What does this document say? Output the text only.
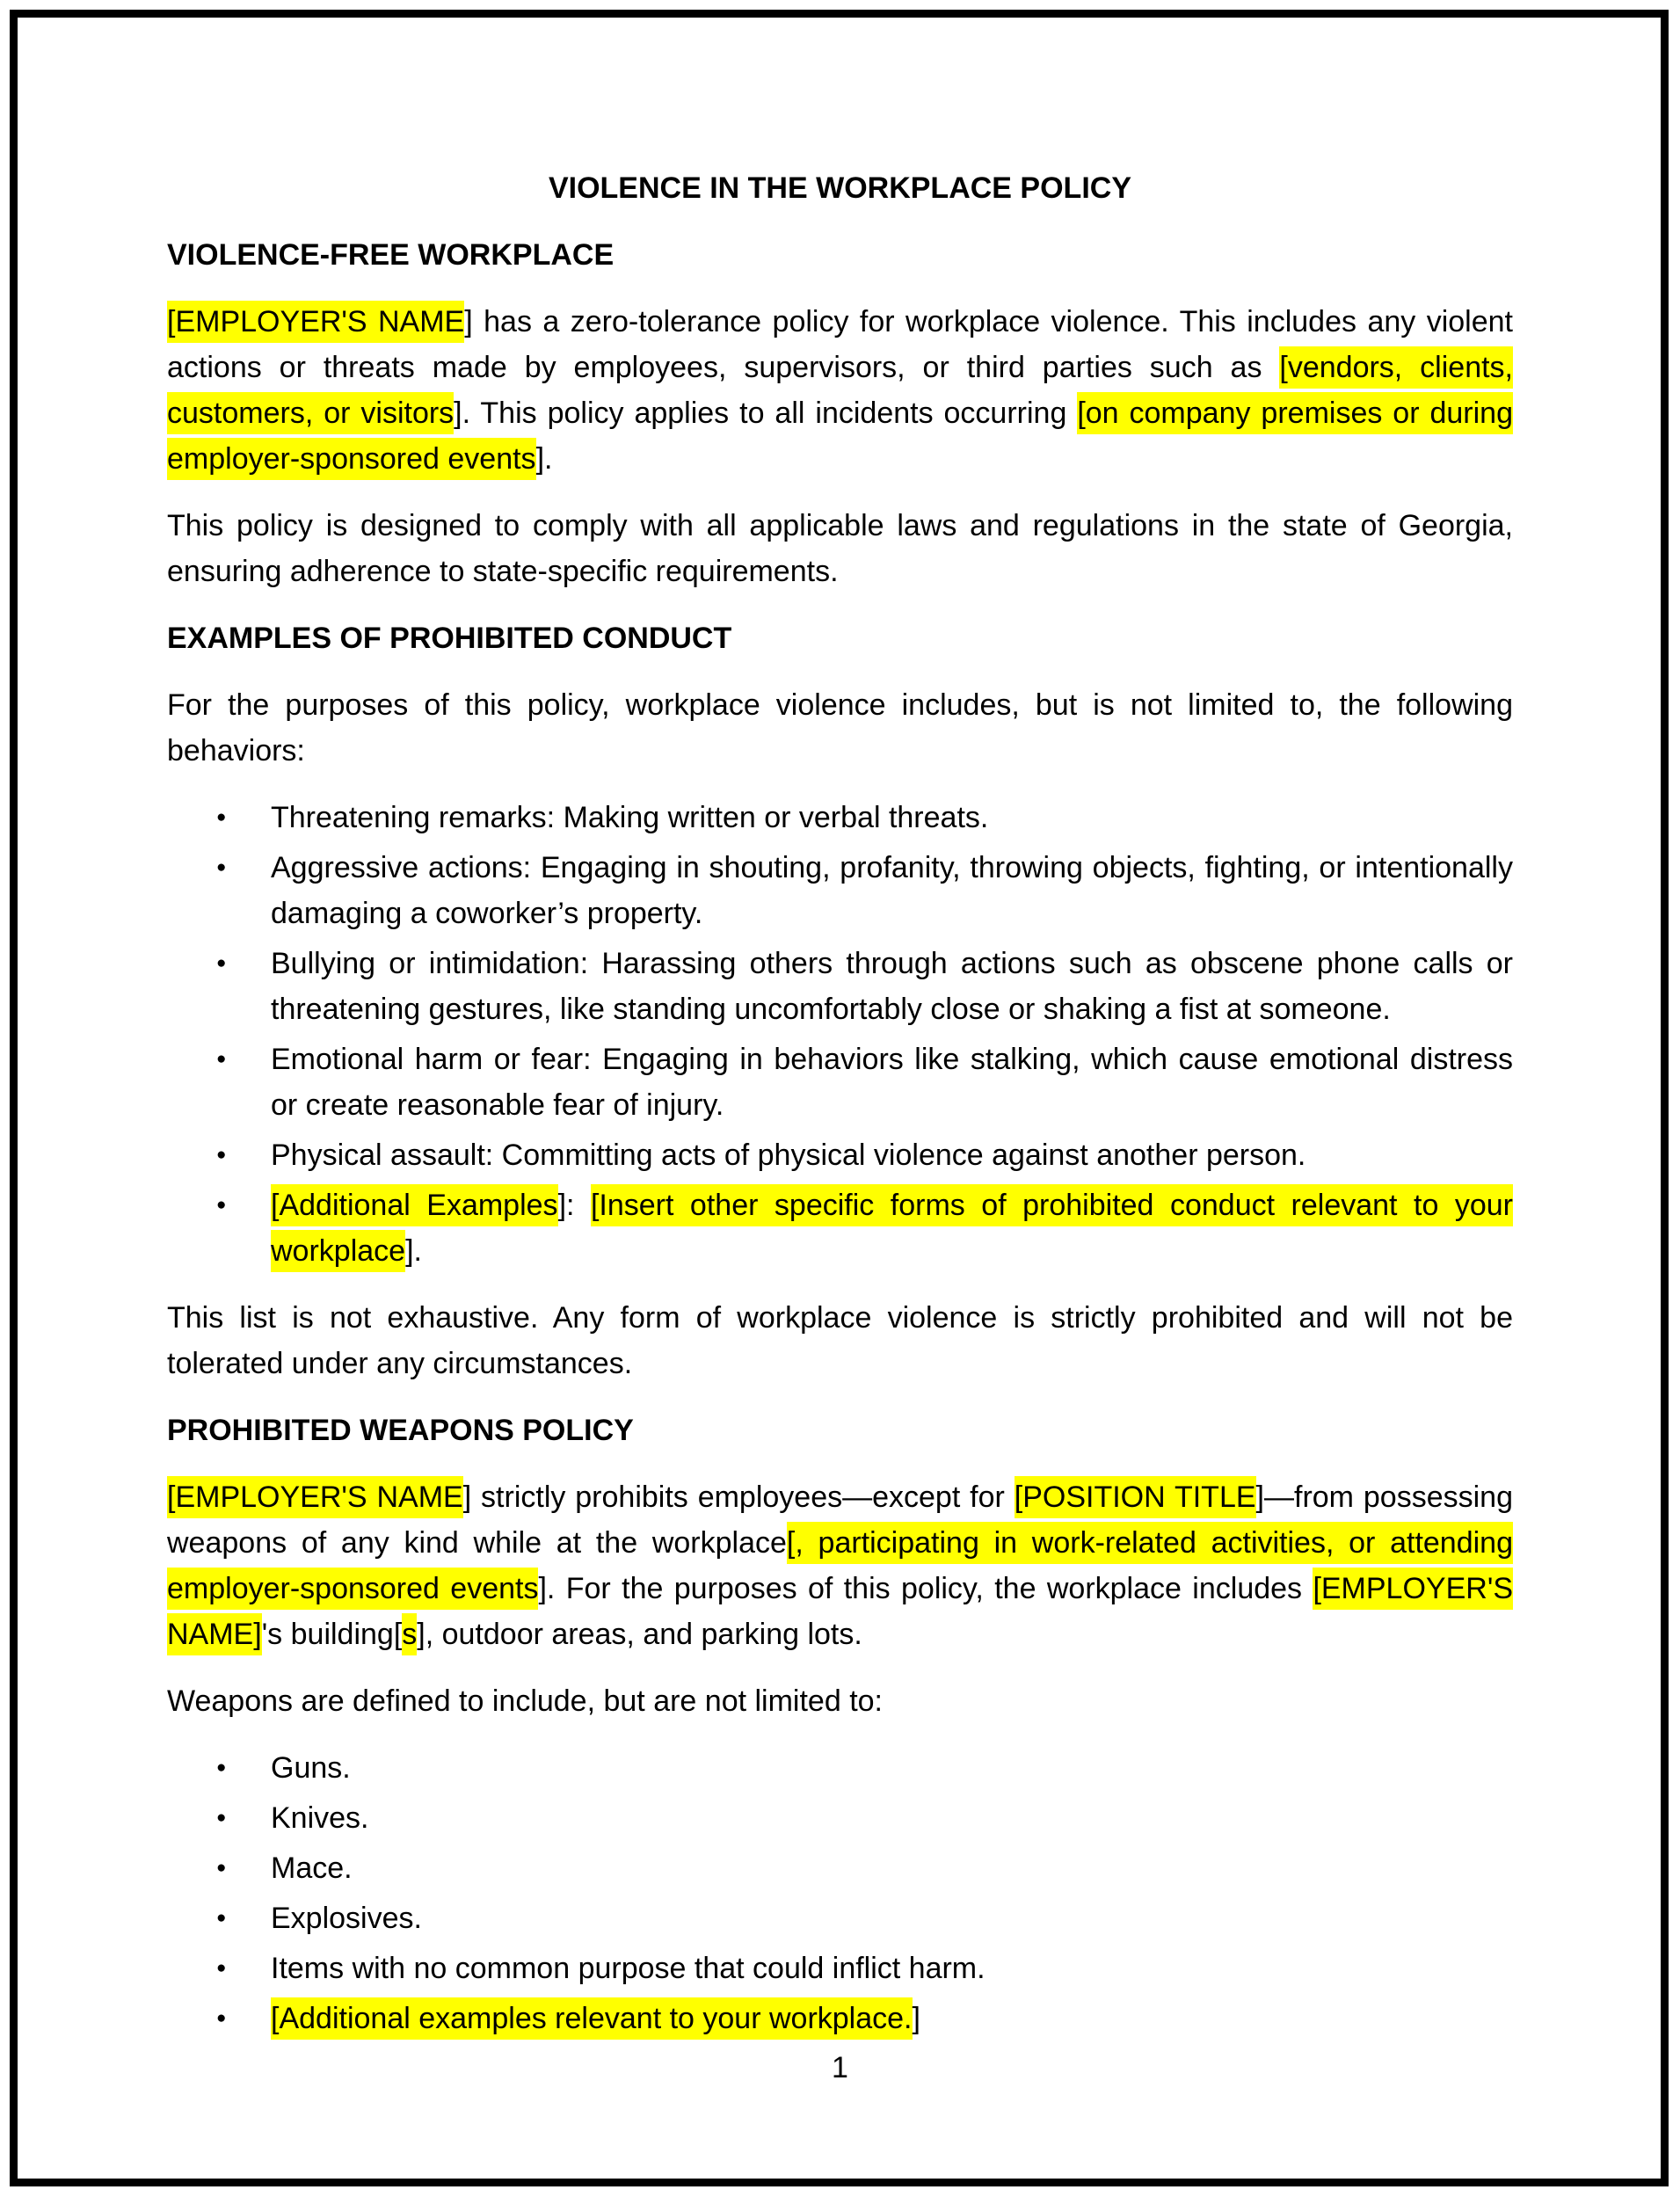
VIOLENCE IN THE WORKPLACE POLICY
VIOLENCE-FREE WORKPLACE

[EMPLOYER'S NAME] has a zero-tolerance policy for workplace violence. This includes any violent actions or threats made by employees, supervisors, or third parties such as [vendors, clients, customers, or visitors]. This policy applies to all incidents occurring [on company premises or during employer-sponsored events].

This policy is designed to comply with all applicable laws and regulations in the state of Georgia, ensuring adherence to state-specific requirements.

EXAMPLES OF PROHIBITED CONDUCT

For the purposes of this policy, workplace violence includes, but is not limited to, the following behaviors:

● Threatening remarks: Making written or verbal threats.
● Aggressive actions: Engaging in shouting, profanity, throwing objects, fighting, or intentionally damaging a coworker’s property.
● Bullying or intimidation: Harassing others through actions such as obscene phone calls or threatening gestures, like standing uncomfortably close or shaking a fist at someone.
● Emotional harm or fear: Engaging in behaviors like stalking, which cause emotional distress or create reasonable fear of injury.
● Physical assault: Committing acts of physical violence against another person.
● [Additional Examples]: [Insert other specific forms of prohibited conduct relevant to your workplace].

This list is not exhaustive. Any form of workplace violence is strictly prohibited and will not be tolerated under any circumstances.

PROHIBITED WEAPONS POLICY

[EMPLOYER'S NAME] strictly prohibits employees—except for [POSITION TITLE]—from possessing weapons of any kind while at the workplace[, participating in work-related activities, or attending employer-sponsored events]. For the purposes of this policy, the workplace includes [EMPLOYER'S NAME]'s building[s], outdoor areas, and parking lots.

Weapons are defined to include, but are not limited to:

● Guns.
● Knives.
● Mace.
● Explosives.
● Items with no common purpose that could inflict harm.
● [Additional examples relevant to your workplace.]
1
